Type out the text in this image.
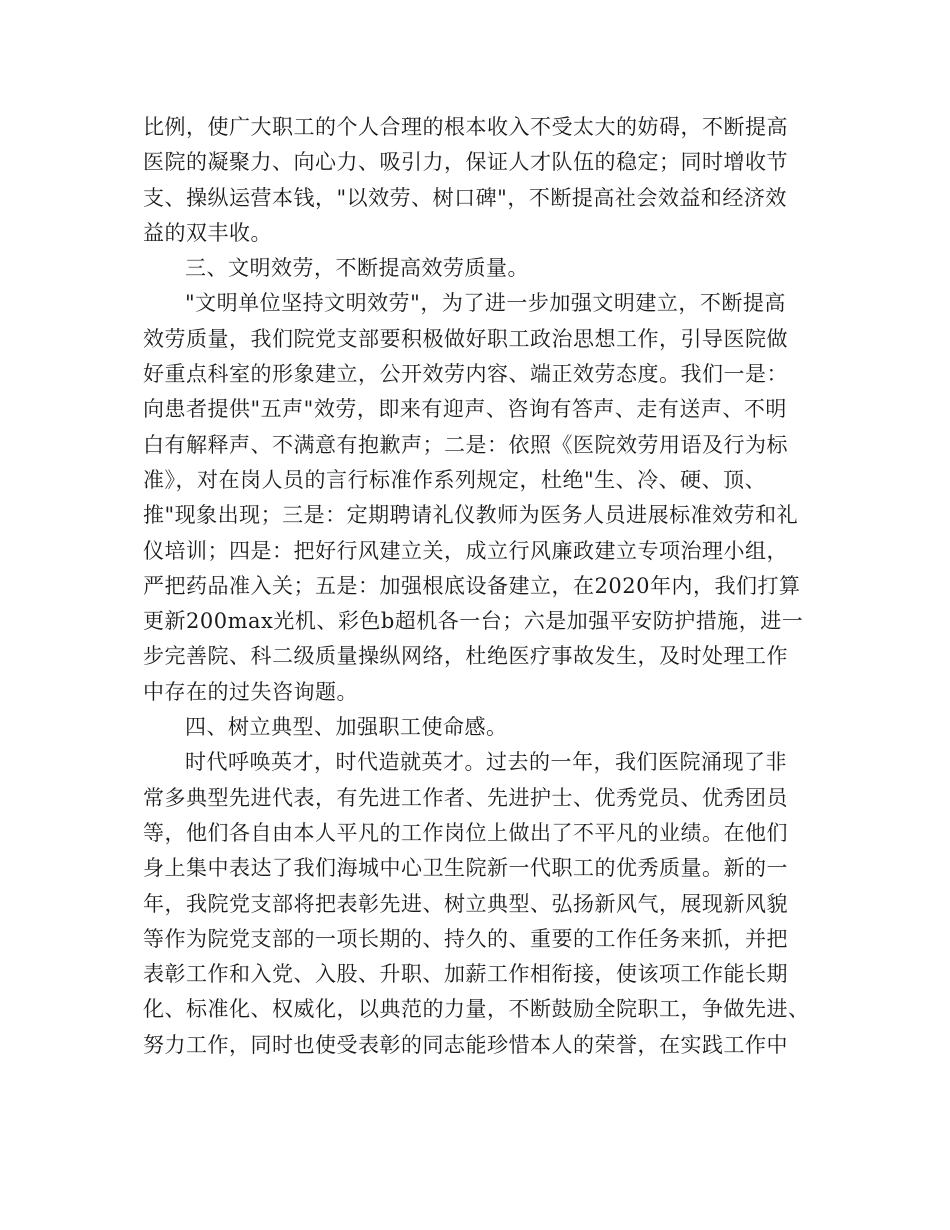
比例，使广大职工的个人合理的根本收入不受太大的妨碍，不断提高
医院的凝聚力、向心力、吸引力，保证人才队伍的稳定；同时增收节
支、操纵运营本钱，"以效劳、树口碑"，不断提高社会效益和经济效
益的双丰收。
三、文明效劳，不断提高效劳质量。
"文明单位坚持文明效劳"，为了进一步加强文明建立，不断提高
效劳质量，我们院党支部要积极做好职工政治思想工作，引导医院做
好重点科室的形象建立，公开效劳内容、端正效劳态度。我们一是：
向患者提供"五声"效劳，即来有迎声、咨询有答声、走有送声、不明
白有解释声、不满意有抱歉声；二是：依照《医院效劳用语及行为标
准》，对在岗人员的言行标准作系列规定，杜绝"生、冷、硬、顶、
推"现象出现；三是：定期聘请礼仪教师为医务人员进展标准效劳和礼
仪培训；四是：把好行风建立关，成立行风廉政建立专项治理小组，
严把药品准入关；五是：加强根底设备建立，在2020年内，我们打算
更新200max光机、彩色b超机各一台；六是加强平安防护措施，进一
步完善院、科二级质量操纵网络，杜绝医疗事故发生，及时处理工作
中存在的过失咨询题。
四、树立典型、加强职工使命感。
时代呼唤英才，时代造就英才。过去的一年，我们医院涌现了非
常多典型先进代表，有先进工作者、先进护士、优秀党员、优秀团员
等，他们各自由本人平凡的工作岗位上做出了不平凡的业绩。在他们
身上集中表达了我们海城中心卫生院新一代职工的优秀质量。新的一
年，我院党支部将把表彰先进、树立典型、弘扬新风气，展现新风貌
等作为院党支部的一项长期的、持久的、重要的工作任务来抓，并把
表彰工作和入党、入股、升职、加薪工作相衔接，使该项工作能长期
化、标准化、权威化，以典范的力量，不断鼓励全院职工，争做先进、
努力工作，同时也使受表彰的同志能珍惜本人的荣誉，在实践工作中
